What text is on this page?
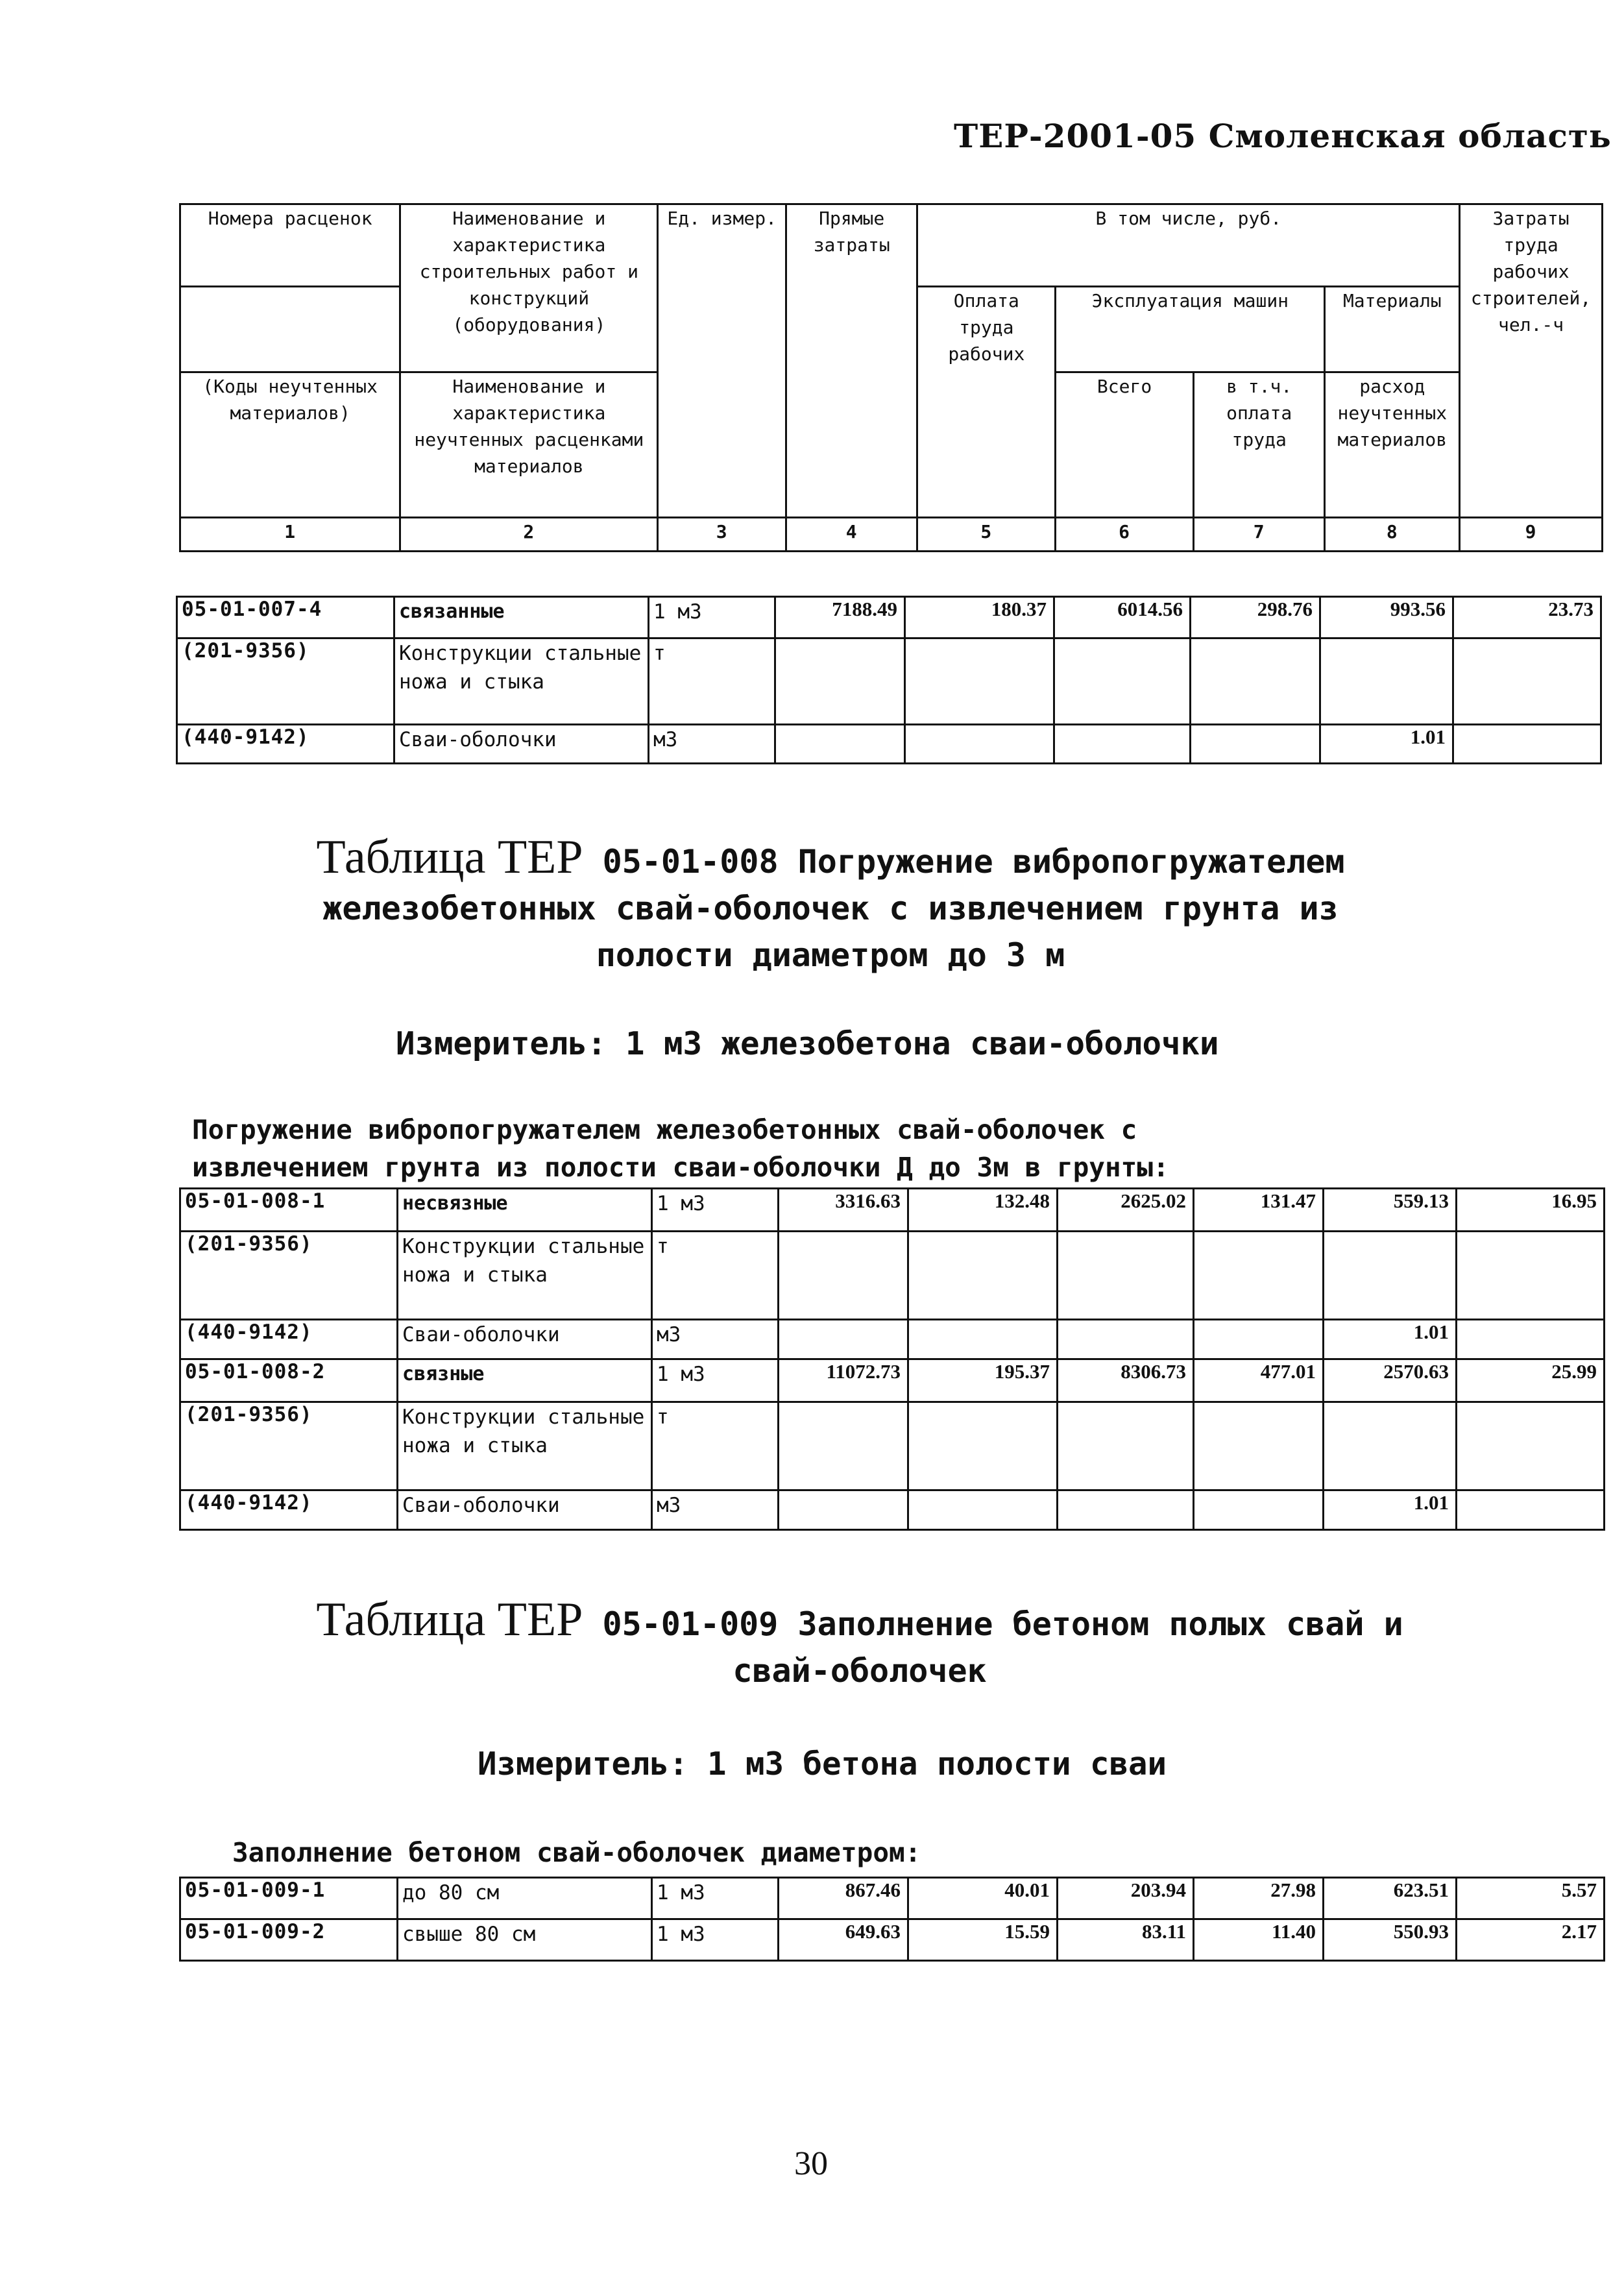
ТЕР-2001-05 Смоленская область
Номера расценок	Наименование и характеристика строительных работ и конструкций (оборудования)	Ед. измер.	Прямые затраты	В том числе, руб.				Затраты труда рабочих строителей, чел.-ч
				Оплата труда рабочих	Эксплуатация машин		Материалы	
(Коды неучтенных материалов)	Наименование и характеристика неучтенных расценками материалов				Всего	в т.ч. оплата труда	расход неучтенных материалов	
1	2	3	4	5	6	7	8	9
05-01-007-4	связанные	1 м3	7188.49	180.37	6014.56	298.76	993.56	23.73
(201-9356)	Конструкции стальные ножа и стыка	т						
(440-9142)	Сваи-оболочки	м3					1.01	
Таблица ТЕР 05-01-008 Погружение вибропогружателем
железобетонных свай-оболочек с извлечением грунта из
полости диаметром до 3 м
Измеритель: 1 м3 железобетона сваи-оболочки
Погружение вибропогружателем железобетонных свай-оболочек с
извлечением грунта из полости сваи-оболочки Д до 3м в грунты:
05-01-008-1	несвязные	1 м3	3316.63	132.48	2625.02	131.47	559.13	16.95
(201-9356)	Конструкции стальные ножа и стыка	т						
(440-9142)	Сваи-оболочки	м3					1.01	
05-01-008-2	связные	1 м3	11072.73	195.37	8306.73	477.01	2570.63	25.99
(201-9356)	Конструкции стальные ножа и стыка	т						
(440-9142)	Сваи-оболочки	м3					1.01	
Таблица ТЕР 05-01-009 Заполнение бетоном полых свай и
свай-оболочек
Измеритель: 1 м3 бетона полости сваи
Заполнение бетоном свай-оболочек диаметром:
05-01-009-1	до 80 см	1 м3	867.46	40.01	203.94	27.98	623.51	5.57
05-01-009-2	свыше 80 см	1 м3	649.63	15.59	83.11	11.40	550.93	2.17
30
